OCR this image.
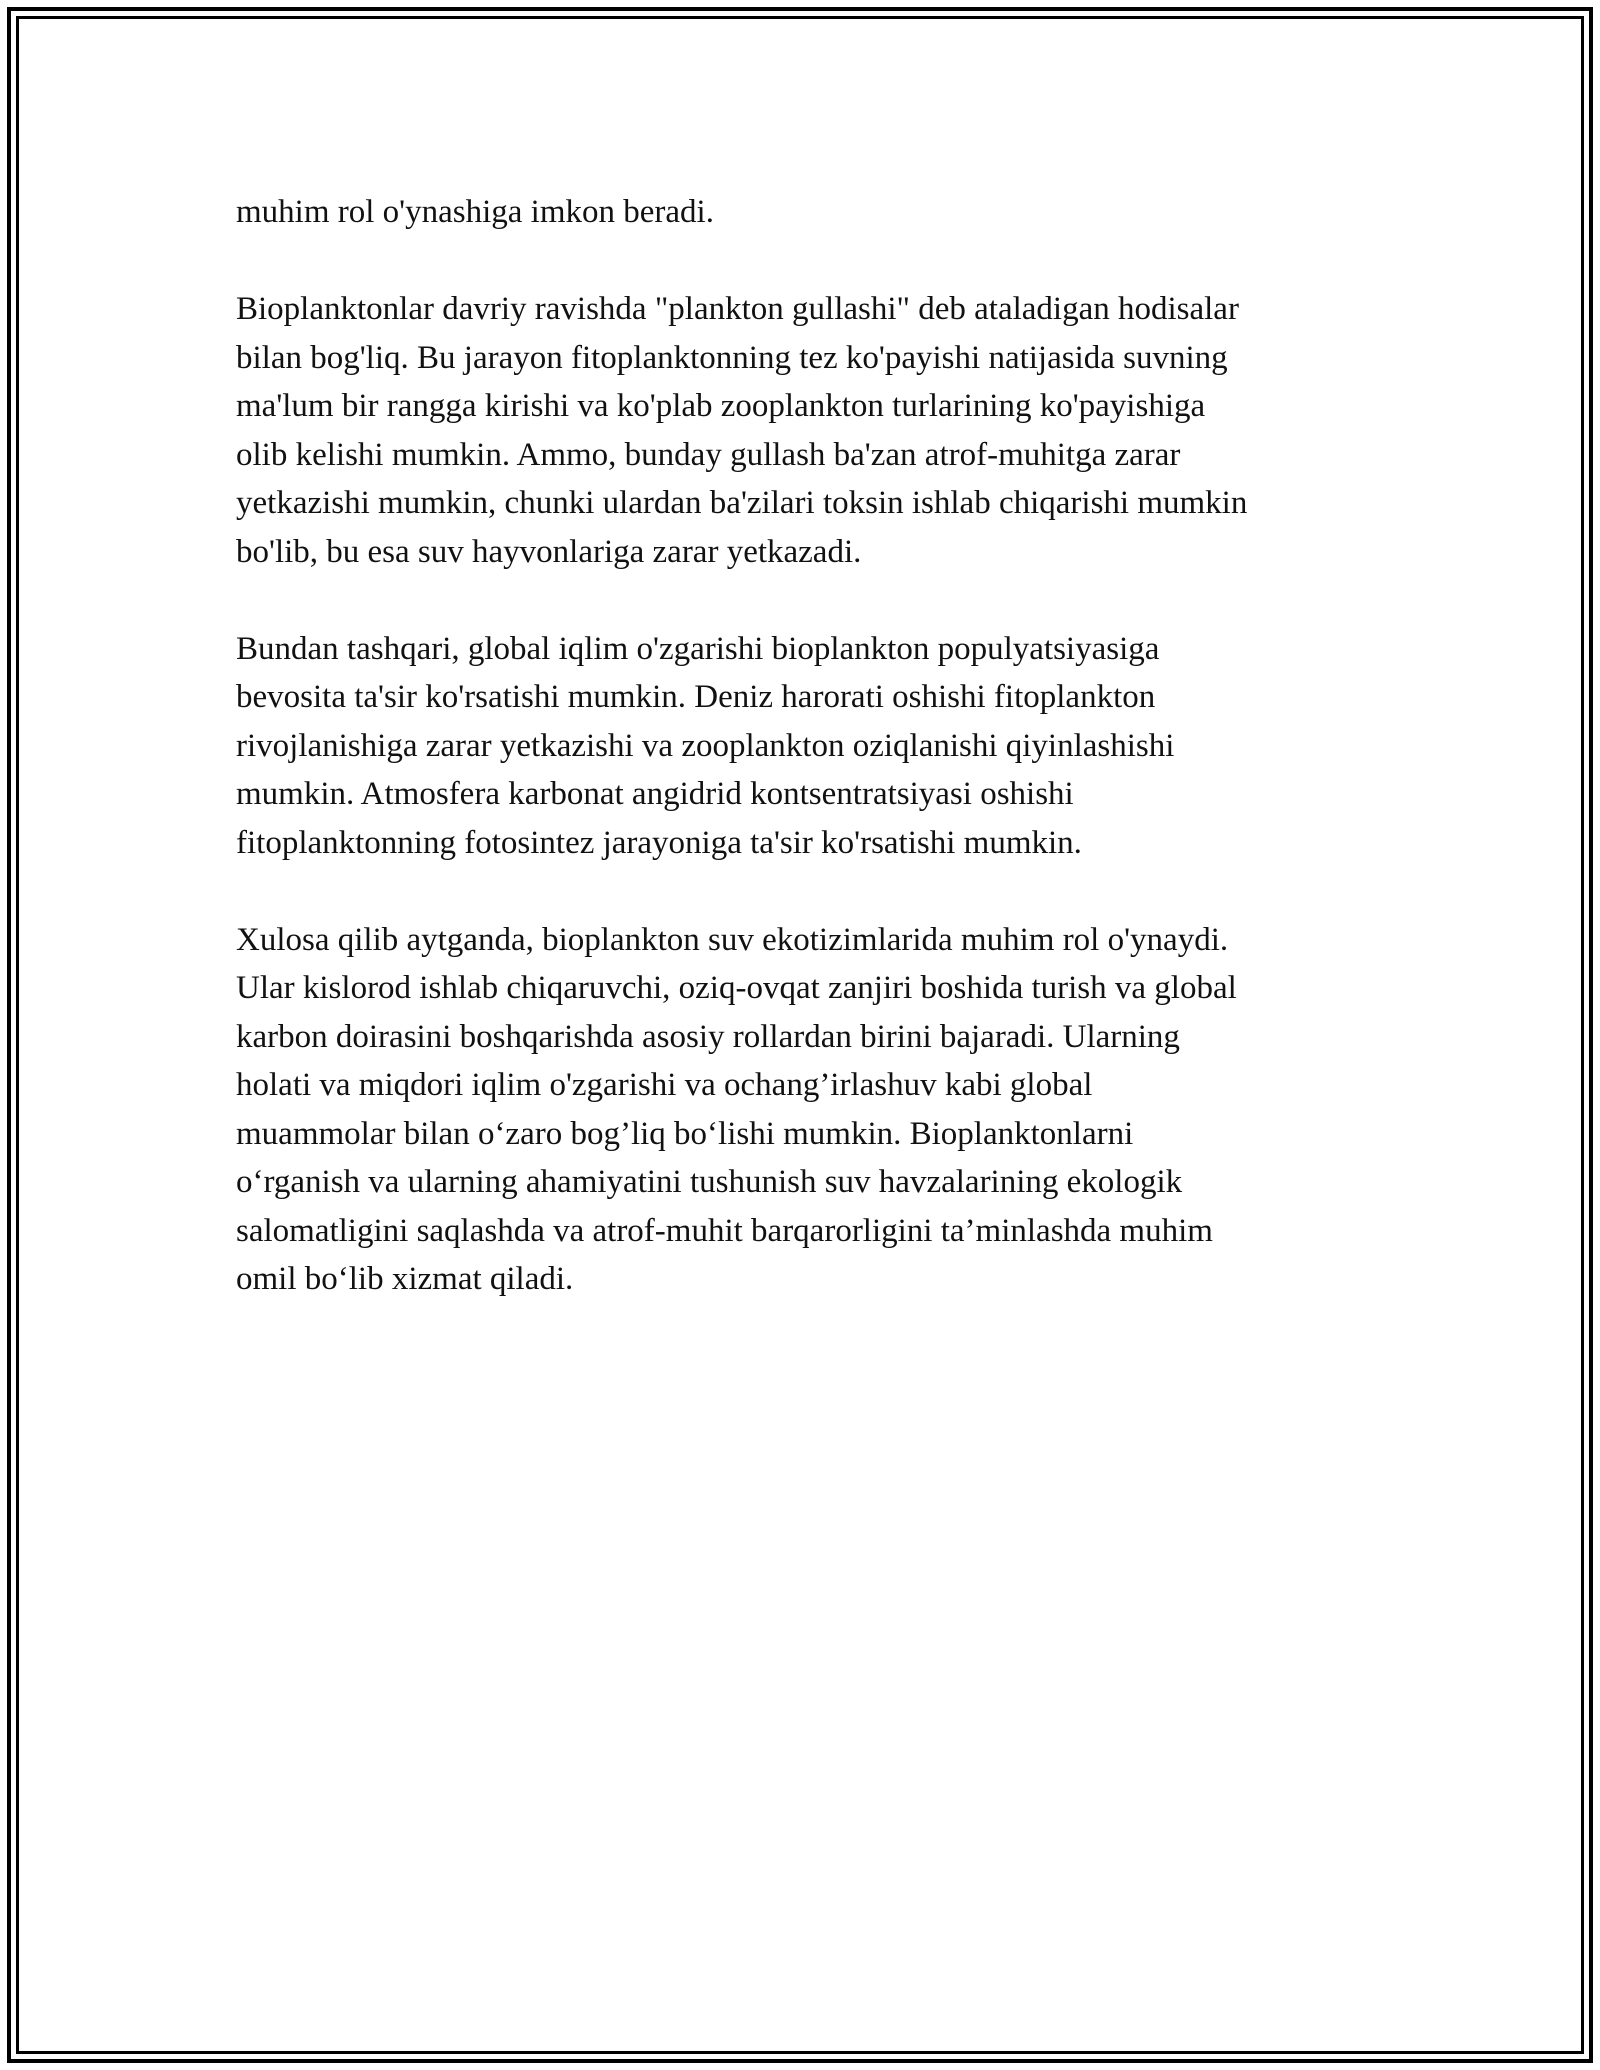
muhim rol o'ynashiga imkon beradi.

Bioplanktonlar davriy ravishda "plankton gullashi" deb ataladigan hodisalar
bilan bog'liq. Bu jarayon fitoplanktonning tez ko'payishi natijasida suvning
ma'lum bir rangga kirishi va ko'plab zooplankton turlarining ko'payishiga
olib kelishi mumkin. Ammo, bunday gullash ba'zan atrof-muhitga zarar
yetkazishi mumkin, chunki ulardan ba'zilari toksin ishlab chiqarishi mumkin
bo'lib, bu esa suv hayvonlariga zarar yetkazadi.

Bundan tashqari, global iqlim o'zgarishi bioplankton populyatsiyasiga
bevosita ta'sir ko'rsatishi mumkin. Deniz harorati oshishi fitoplankton
rivojlanishiga zarar yetkazishi va zooplankton oziqlanishi qiyinlashishi
mumkin. Atmosfera karbonat angidrid kontsentratsiyasi oshishi
fitoplanktonning fotosintez jarayoniga ta'sir ko'rsatishi mumkin.

Xulosa qilib aytganda, bioplankton suv ekotizimlarida muhim rol o'ynaydi.
Ular kislorod ishlab chiqaruvchi, oziq-ovqat zanjiri boshida turish va global
karbon doirasini boshqarishda asosiy rollardan birini bajaradi. Ularning
holati va miqdori iqlim o'zgarishi va ochang’irlashuv kabi global
muammolar bilan o‘zaro bog’liq bo‘lishi mumkin. Bioplanktonlarni
o‘rganish va ularning ahamiyatini tushunish suv havzalarining ekologik
salomatligini saqlashda va atrof-muhit barqarorligini ta’minlashda muhim
omil bo‘lib xizmat qiladi.
